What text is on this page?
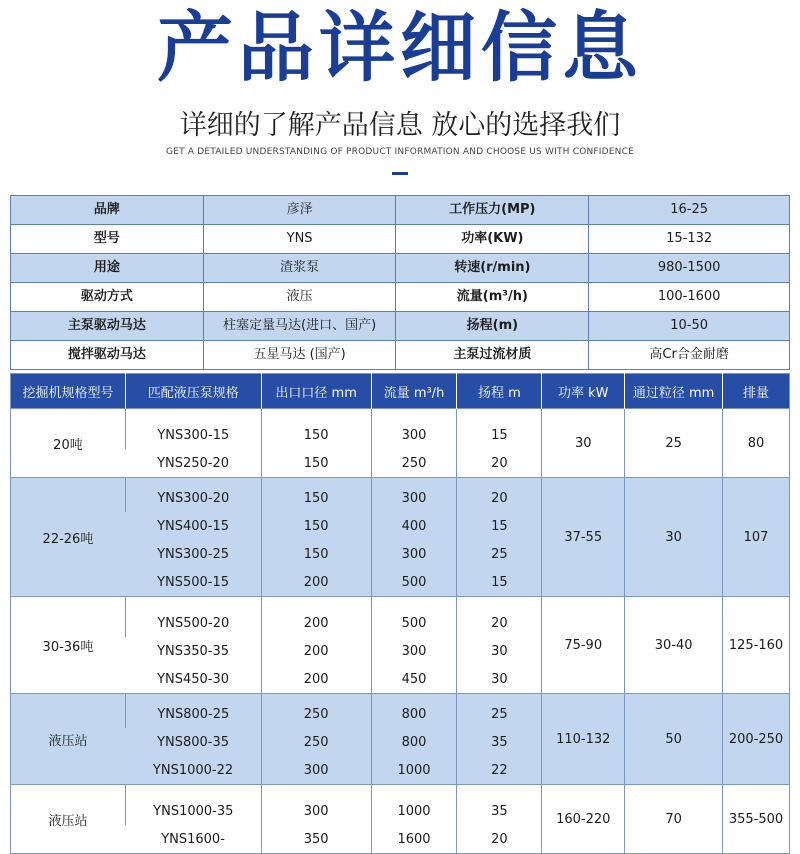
产品详细信息
详细的了解产品信息 放心的选择我们
GET A DETAILED UNDERSTANDING OF PRODUCT INFORMATION AND CHOOSE US WITH CONFIDENCE
品牌	彦泽	工作压力(MP)	16-25
型号	YNS	功率(KW)	15-132
用途	渣浆泵	转速(r/min)	980-1500
驱动方式	液压	流量(m³/h)	100-1600
主泵驱动马达	柱塞定量马达(进口、国产)	扬程(m)	10-50
搅拌驱动马达	五星马达 (国产)	主泵过流材质	高Cr合金耐磨
挖掘机规格型号	匹配液压泵规格	出口口径 mm	流量 m³/h	扬程 m	功率 kW	通过粒径 mm	排量
20吨	YNS300-15	150	300	15	30	25	80
	YNS250-20	150	250	20			
22-26吨	YNS300-20	150	300	20	37-55	30	107
	YNS400-15	150	400	15			
	YNS300-25	150	300	25			
	YNS500-15	200	500	15			
30-36吨	YNS500-20	200	500	20	75-90	30-40	125-160
	YNS350-35	200	300	30			
	YNS450-30	200	450	30			
液压站	YNS800-25	250	800	25	110-132	50	200-250
	YNS800-35	250	800	35			
	YNS1000-22	300	1000	22			
液压站	YNS1000-35	300	1000	35	160-220	70	355-500
	YNS1600-	350	1600	20			
